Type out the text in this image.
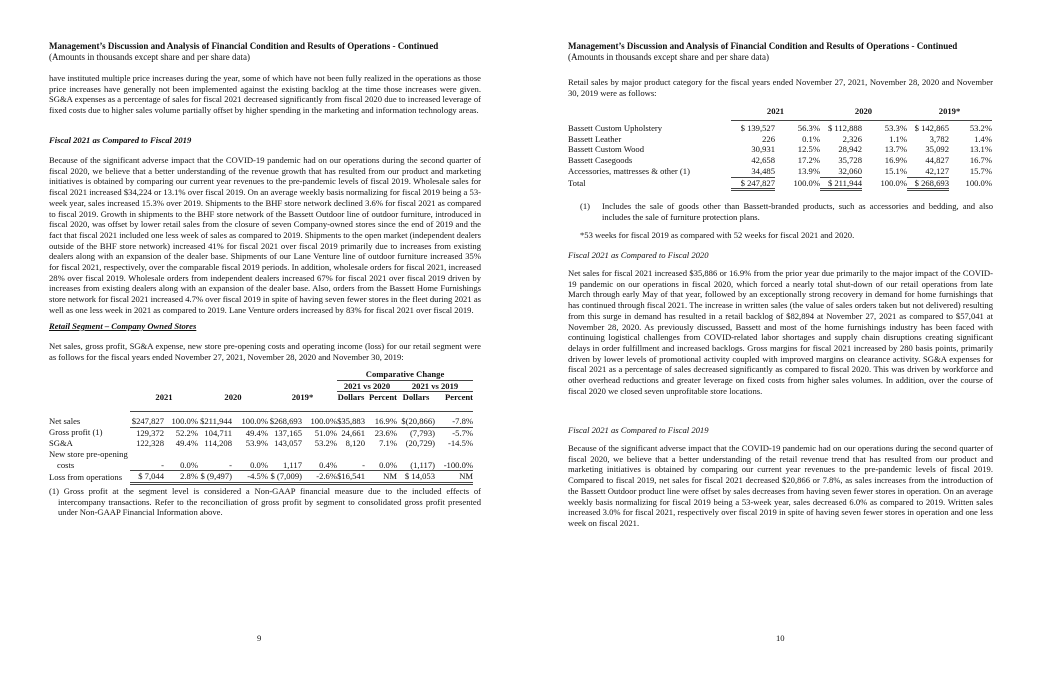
Management’s Discussion and Analysis of Financial Condition and Results of Operations - Continued
(Amounts in thousands except share and per share data)

have instituted multiple price increases during the year, some of which have not been fully realized in the operations as those price increases have generally not been implemented against the existing backlog at the time those increases were given. SG&A expenses as a percentage of sales for fiscal 2021 decreased significantly from fiscal 2020 due to increased leverage of fixed costs due to higher sales volume partially offset by higher spending in the marketing and information technology areas.

Fiscal 2021 as Compared to Fiscal 2019

Because of the significant adverse impact that the COVID-19 pandemic had on our operations during the second quarter of fiscal 2020, we believe that a better understanding of the revenue growth that has resulted from our product and marketing initiatives is obtained by comparing our current year revenues to the pre-pandemic levels of fiscal 2019. Wholesale sales for fiscal 2021 increased $34,224 or 13.1% over fiscal 2019. On an average weekly basis normalizing for fiscal 2019 being a 53-week year, sales increased 15.3% over 2019. Shipments to the BHF store network declined 3.6% for fiscal 2021 as compared to fiscal 2019. Growth in shipments to the BHF store network of the Bassett Outdoor line of outdoor furniture, introduced in fiscal 2020, was offset by lower retail sales from the closure of seven Company-owned stores since the end of 2019 and the fact that fiscal 2021 included one less week of sales as compared to 2019. Shipments to the open market (independent dealers outside of the BHF store network) increased 41% for fiscal 2021 over fiscal 2019 primarily due to increases from existing dealers along with an expansion of the dealer base. Shipments of our Lane Venture line of outdoor furniture increased 35% for fiscal 2021, respectively, over the comparable fiscal 2019 periods. In addition, wholesale orders for fiscal 2021, increased 28% over fiscal 2019. Wholesale orders from independent dealers increased 67% for fiscal 2021 over fiscal 2019 driven by increases from existing dealers along with an expansion of the dealer base. Also, orders from the Bassett Home Furnishings store network for fiscal 2021 increased 4.7% over fiscal 2019 in spite of having seven fewer stores in the fleet during 2021 as well as one less week in 2021 as compared to 2019. Lane Venture orders increased by 83% for fiscal 2021 over fiscal 2019.

Retail Segment – Company Owned Stores

Net sales, gross profit, SG&A expense, new store pre-opening costs and operating income (loss) for our retail segment were as follows for the fiscal years ended November 27, 2021, November 28, 2020 and November 30, 2019:

							Comparative Change			
							2021 vs 2020		2021 vs 2019	
	2021		2020		2019*		Dollars	Percent	Dollars	Percent

Net sales	$247,827	100.0%	$211,944	100.0%	$268,693	100.0%	$35,883	16.9%	$(20,866)	-7.8%
Gross profit (1)	129,372	52.2%	104,711	49.4%	137,165	51.0%	24,661	23.6%	(7,793)	-5.7%
SG&A	122,328	49.4%	114,208	53.9%	143,057	53.2%	8,120	7.1%	(20,729)	-14.5%
New store pre-opening										
costs	-	0.0%	-	0.0%	1,117	0.4%	-	0.0%	(1,117)	-100.0%
Loss from operations	$ 7,044	2.8%	$ (9,497)	-4.5%	$ (7,009)	-2.6%	$16,541	NM	$ 14,053	NM

(1) Gross profit at the segment level is considered a Non-GAAP financial measure due to the included effects of intercompany transactions. Refer to the reconciliation of gross profit by segment to consolidated gross profit presented under Non-GAAP Financial Information above.

9
Management’s Discussion and Analysis of Financial Condition and Results of Operations - Continued
(Amounts in thousands except share and per share data)

Retail sales by major product category for the fiscal years ended November 27, 2021, November 28, 2020 and November 30, 2019 were as follows:

	2021		2020		2019*	

Bassett Custom Upholstery	$ 139,527	56.3%	$ 112,888	53.3%	$ 142,865	53.2%
Bassett Leather	226	0.1%	2,326	1.1%	3,782	1.4%
Bassett Custom Wood	30,931	12.5%	28,942	13.7%	35,092	13.1%
Bassett Casegoods	42,658	17.2%	35,728	16.9%	44,827	16.7%
Accessories, mattresses & other (1)	34,485	13.9%	32,060	15.1%	42,127	15.7%
Total	$ 247,827	100.0%	$ 211,944	100.0%	$ 268,693	100.0%
(1)	Includes the sale of goods other than Bassett-branded products, such as accessories and bedding, and also includes the sale of furniture protection plans.

*53 weeks for fiscal 2019 as compared with 52 weeks for fiscal 2021 and 2020.
Fiscal 2021 as Compared to Fiscal 2020

Net sales for fiscal 2021 increased $35,886 or 16.9% from the prior year due primarily to the major impact of the COVID-19 pandemic on our operations in fiscal 2020, which forced a nearly total shut-down of our retail operations from late March through early May of that year, followed by an exceptionally strong recovery in demand for home furnishings that has continued through fiscal 2021. The increase in written sales (the value of sales orders taken but not delivered) resulting from this surge in demand has resulted in a retail backlog of $82,894 at November 27, 2021 as compared to $57,041 at November 28, 2020. As previously discussed, Bassett and most of the home furnishings industry has been faced with continuing logistical challenges from COVID-related labor shortages and supply chain disruptions creating significant delays in order fulfillment and increased backlogs. Gross margins for fiscal 2021 increased by 280 basis points, primarily driven by lower levels of promotional activity coupled with improved margins on clearance activity. SG&A expenses for fiscal 2021 as a percentage of sales decreased significantly as compared to fiscal 2020. This was driven by workforce and other overhead reductions and greater leverage on fixed costs from higher sales volumes. In addition, over the course of fiscal 2020 we closed seven unprofitable store locations.

Fiscal 2021 as Compared to Fiscal 2019

Because of the significant adverse impact that the COVID-19 pandemic had on our operations during the second quarter of fiscal 2020, we believe that a better understanding of the retail revenue trend that has resulted from our product and marketing initiatives is obtained by comparing our current year revenues to the pre-pandemic levels of fiscal 2019. Compared to fiscal 2019, net sales for fiscal 2021 decreased $20,866 or 7.8%, as sales increases from the introduction of the Bassett Outdoor product line were offset by sales decreases from having seven fewer stores in operation. On an average weekly basis normalizing for fiscal 2019 being a 53-week year, sales decreased 6.0% as compared to 2019. Written sales increased 3.0% for fiscal 2021, respectively over fiscal 2019 in spite of having seven fewer stores in operation and one less week on fiscal 2021.

10
